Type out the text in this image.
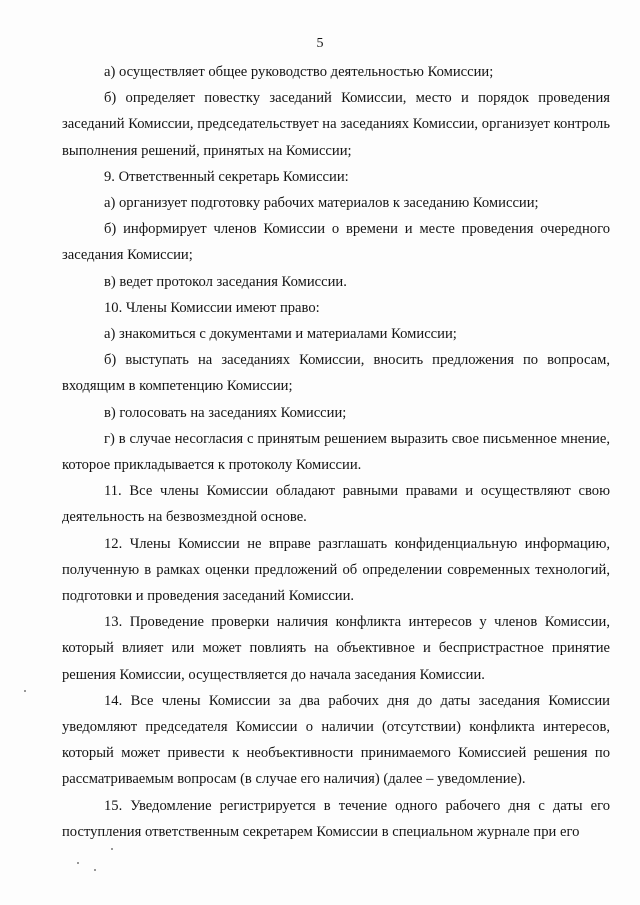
5

а) осуществляет общее руководство деятельностью Комиссии;

б) определяет повестку заседаний Комиссии, место и порядок проведения заседаний Комиссии, председательствует на заседаниях Комиссии, организует контроль выполнения решений, принятых на Комиссии;

9. Ответственный секретарь Комиссии:

а) организует подготовку рабочих материалов к заседанию Комиссии;

б) информирует членов Комиссии о времени и месте проведения очередного заседания Комиссии;

в) ведет протокол заседания Комиссии.

10. Члены Комиссии имеют право:

а) знакомиться с документами и материалами Комиссии;

б) выступать на заседаниях Комиссии, вносить предложения по вопросам, входящим в компетенцию Комиссии;

в) голосовать на заседаниях Комиссии;

г) в случае несогласия с принятым решением выразить свое письменное мнение, которое прикладывается к протоколу Комиссии.

11. Все члены Комиссии обладают равными правами и осуществляют свою деятельность на безвозмездной основе.

12. Члены Комиссии не вправе разглашать конфиденциальную информацию, полученную в рамках оценки предложений об определении современных технологий, подготовки и проведения заседаний Комиссии.

13. Проведение проверки наличия конфликта интересов у членов Комиссии, который влияет или может повлиять на объективное и беспристрастное принятие решения Комиссии, осуществляется до начала заседания Комиссии.

14. Все члены Комиссии за два рабочих дня до даты заседания Комиссии уведомляют председателя Комиссии о наличии (отсутствии) конфликта интересов, который может привести к необъективности принимаемого Комиссией решения по рассматриваемым вопросам (в случае его наличия) (далее – уведомление).

15. Уведомление регистрируется в течение одного рабочего дня с даты его поступления ответственным секретарем Комиссии в специальном журнале при его
